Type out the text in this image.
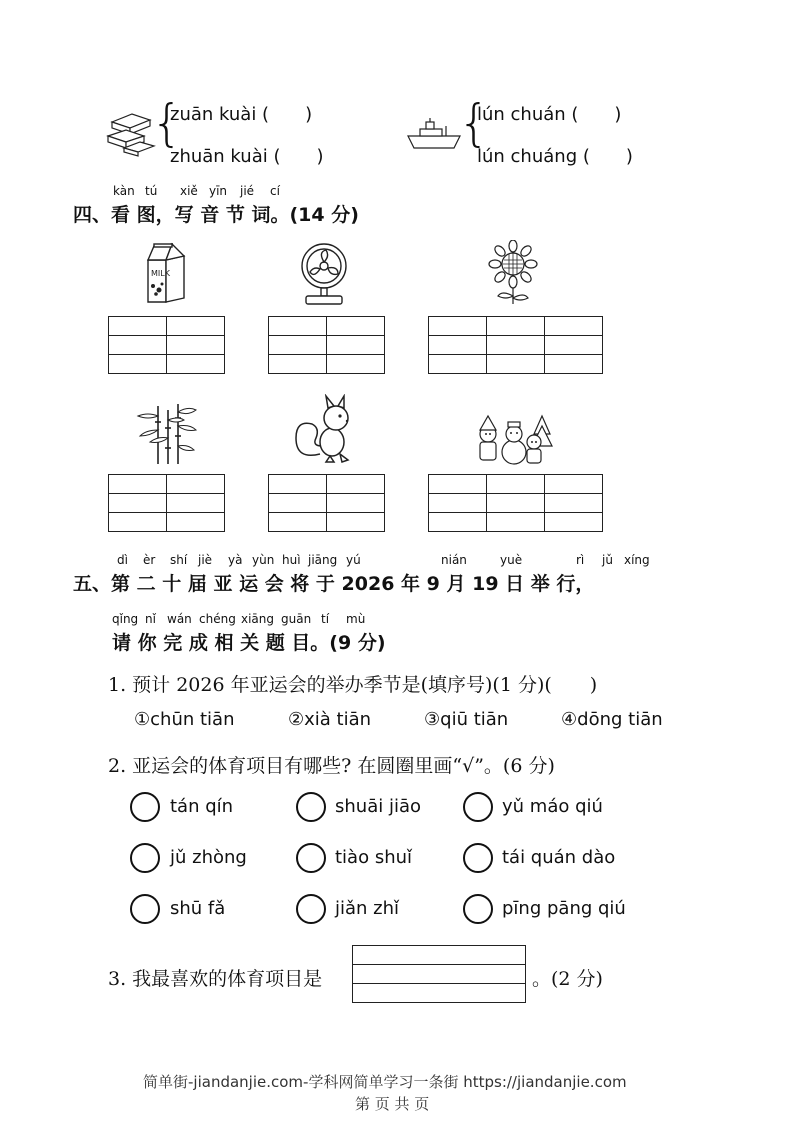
{
zuān kuài (　　)
zhuān kuài (　　)
{
lún chuán (　　)
lún chuáng (　　)
kàn tú xiě yīn jié cí
四、看 图，写 音 节 词。(14 分)
MILK

dì èr shí jiè yà yùn huì jiāng yú	nián	yuè	rì jǔ xíng
五、第 二 十 届 亚 运 会 将 于 2026 年 9 月 19 日 举 行，
qǐng nǐ wán chéng xiāng guān tí mù
请 你 完 成 相 关 题 目。(9 分)
1. 预计 2026 年亚运会的举办季节是(填序号)(1 分)(　　)
①chūn tiān	②xià tiān	③qiū tiān	④dōng tiān
2. 亚运会的体育项目有哪些? 在圆圈里画“√”。(6 分)
tán qín	shuāi jiāo	yǔ máo qiú
jǔ zhòng	tiào shuǐ	tái quán dào
shū fǎ	jiǎn zhǐ	pīng pāng qiú
3. 我最喜欢的体育项目是	。(2 分)
简单街-jiandanjie.com-学科网简单学习一条街 https://jiandanjie.com
第 页 共 页
